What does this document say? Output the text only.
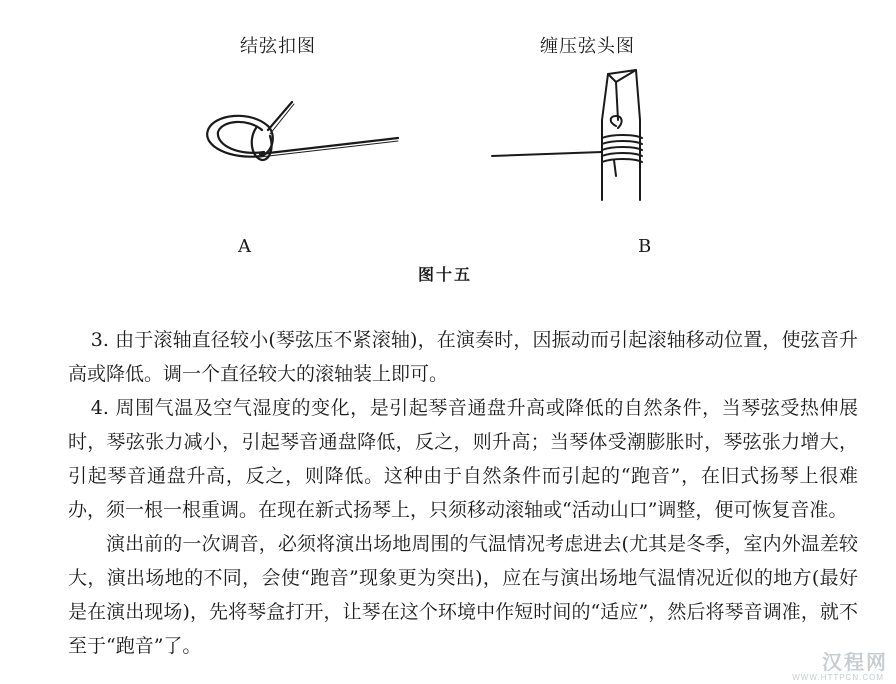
结弦扣图	缠压弦头图
A	B
图十五

3. 由于滚轴直径较小(琴弦压不紧滚轴)，在演奏时，因振动而引起滚轴移动位置，使弦音升高或降低。调一个直径较大的滚轴装上即可。

4. 周围气温及空气湿度的变化，是引起琴音通盘升高或降低的自然条件，当琴弦受热伸展时，琴弦张力减小，引起琴音通盘降低，反之，则升高；当琴体受潮膨胀时，琴弦张力增大，引起琴音通盘升高，反之，则降低。这种由于自然条件而引起的“跑音”，在旧式扬琴上很难办，须一根一根重调。在现在新式扬琴上，只须移动滚轴或“活动山口”调整，便可恢复音准。

演出前的一次调音，必须将演出场地周围的气温情况考虑进去(尤其是冬季，室内外温差较大，演出场地的不同，会使“跑音”现象更为突出)，应在与演出场地气温情况近似的地方(最好是在演出现场)，先将琴盒打开，让琴在这个环境中作短时间的“适应”，然后将琴音调准，就不至于“跑音”了。

汉程网
WWW.HTTPCN.COM
